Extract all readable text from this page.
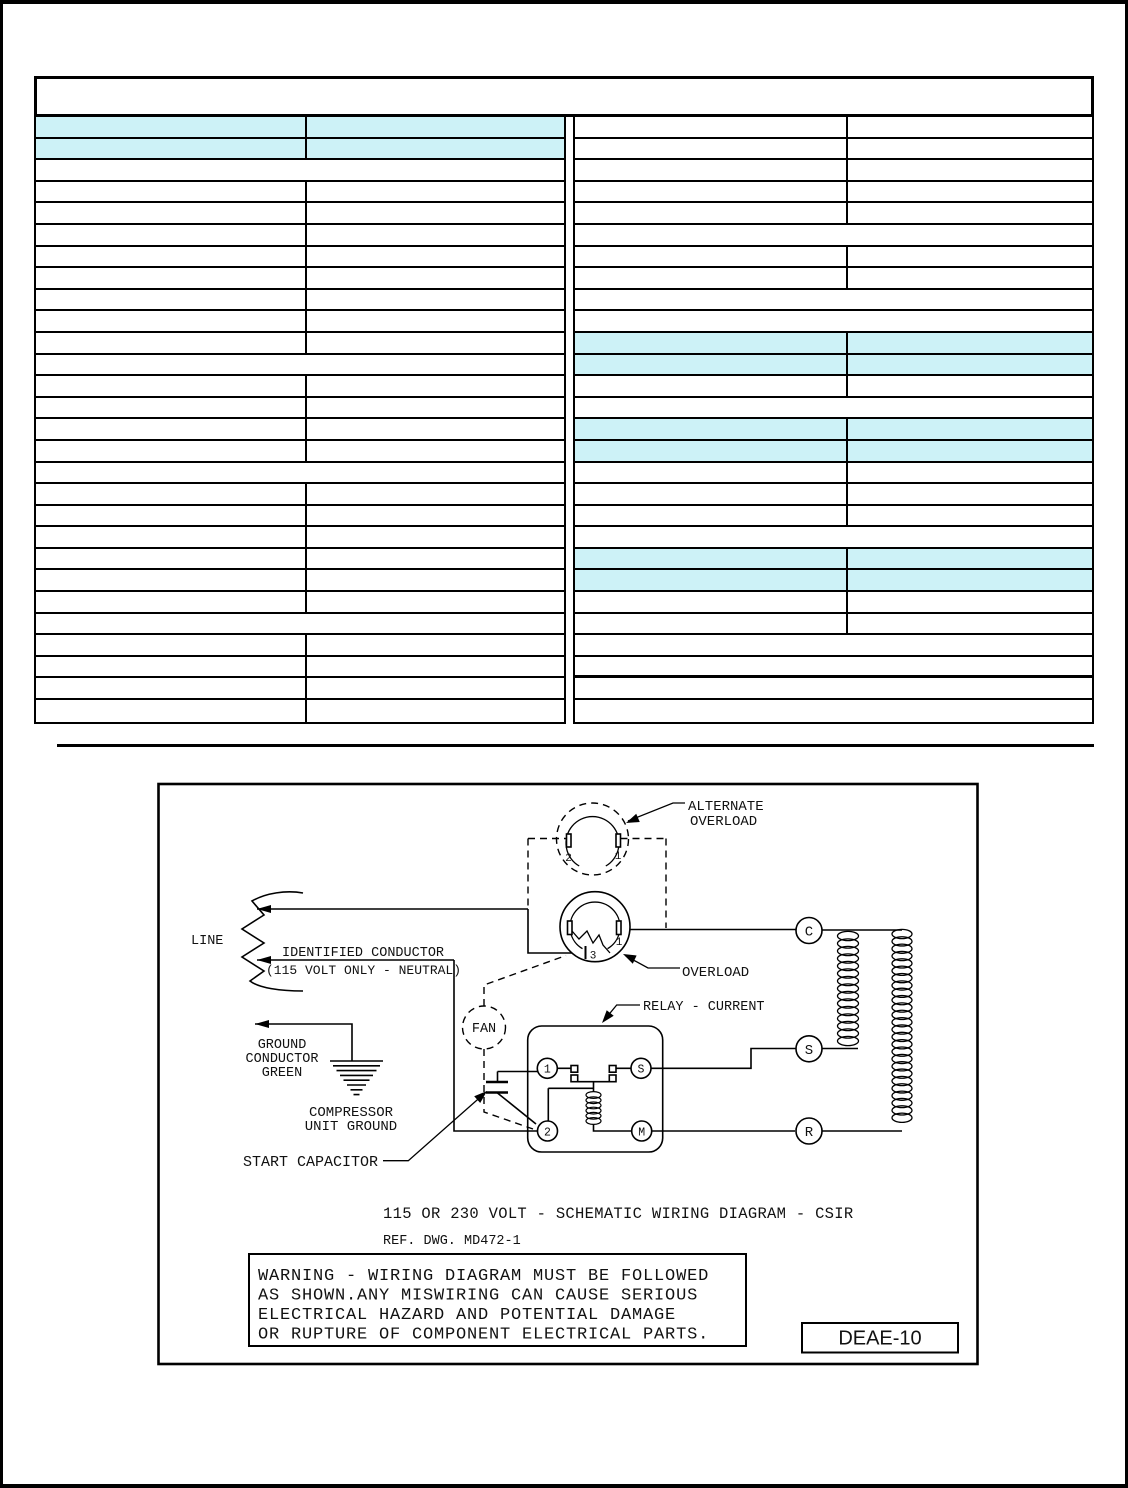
2	1
1
3
FAN
1	S
2	M
C
S
R
ALTERNATE
OVERLOAD
OVERLOAD
RELAY - CURRENT
LINE
IDENTIFIED CONDUCTOR
(115 VOLT ONLY - NEUTRAL)
GROUND
CONDUCTOR
GREEN
COMPRESSOR
UNIT GROUND
START CAPACITOR
115 OR 230 VOLT - SCHEMATIC WIRING DIAGRAM - CSIR
REF. DWG. MD472-1
WARNING - WIRING DIAGRAM MUST BE FOLLOWED
AS SHOWN.ANY MISWIRING CAN CAUSE SERIOUS
ELECTRICAL HAZARD AND POTENTIAL DAMAGE
OR RUPTURE OF COMPONENT ELECTRICAL PARTS.	DEAE-10
